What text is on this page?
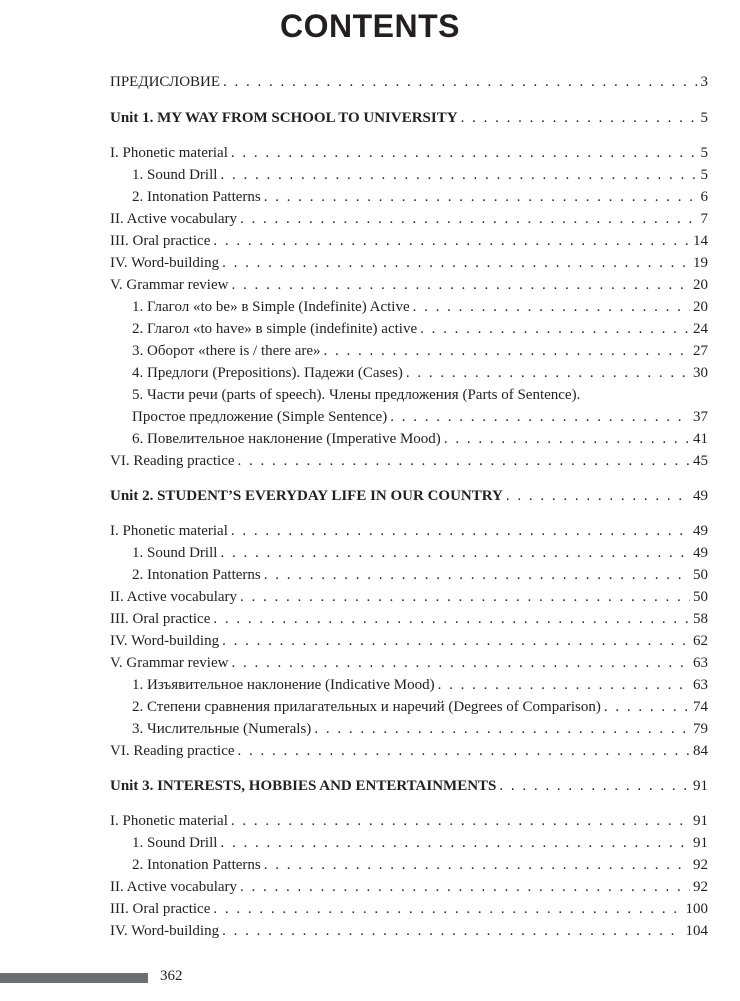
CONTENTS
ПРЕДИСЛОВИЕ . . .	3
Unit 1. MY WAY FROM SCHOOL TO UNIVERSITY . . .	5
I. Phonetic material . . .	5
1. Sound Drill . . .	5
2. Intonation Patterns . . .	6
II. Active vocabulary . . .	7
III. Oral practice . . .	14
IV. Word-building . . .	19
V. Grammar review . . .	20
1. Глагол «to be» в Simple (Indefinite) Active . . .	20
2. Глагол «to have» в simple (indefinite) active . . .	24
3. Оборот «there is / there are» . . .	27
4. Предлоги (Prepositions). Падежи (Cases) . . .	30
5. Части речи (parts of speech). Члены предложения (Parts of Sentence).
Простое предложение (Simple Sentence) . . .	37
6. Повелительное наклонение (Imperative Mood) . . .	41
VI. Reading practice . . .	45
Unit 2. STUDENT’S EVERYDAY LIFE IN OUR COUNTRY . . .	49
I. Phonetic material . . .	49
1. Sound Drill . . .	49
2. Intonation Patterns . . .	50
II. Active vocabulary . . .	50
III. Oral practice . . .	58
IV. Word-building . . .	62
V. Grammar review . . .	63
1. Изъявительное наклонение (Indicative Mood) . . .	63
2. Степени сравнения прилагательных и наречий (Degrees of Comparison) . . .	74
3. Числительные (Numerals) . . .	79
VI. Reading practice . . .	84
Unit 3. INTERESTS, HOBBIES AND ENTERTAINMENTS . . .	91
I. Phonetic material . . .	91
1. Sound Drill . . .	91
2. Intonation Patterns . . .	92
II. Active vocabulary . . .	92
III. Oral practice . . .	100
IV. Word-building . . .	104
362
